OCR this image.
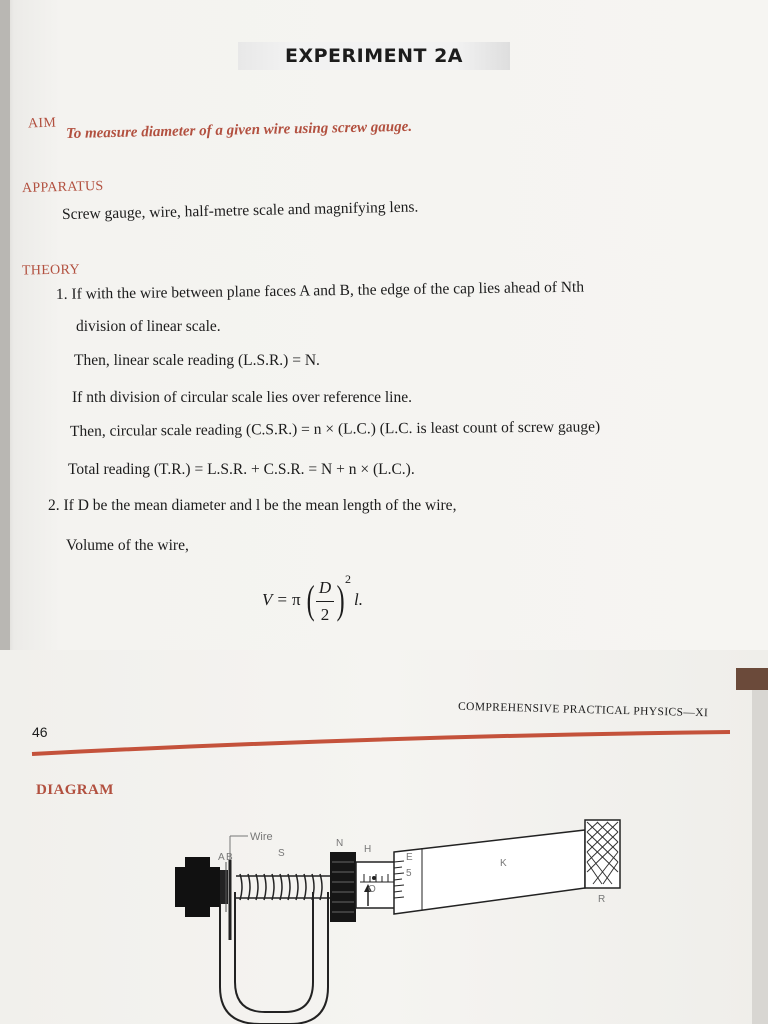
EXPERIMENT 2A
AIM To measure diameter of a given wire using screw gauge.
APPARATUS
Screw gauge, wire, half-metre scale and magnifying lens.
THEORY
1. If with the wire between plane faces A and B, the edge of the cap lies ahead of Nth
division of linear scale.
Then, linear scale reading (L.S.R.) = N.
If nth division of circular scale lies over reference line.
Then, circular scale reading (C.S.R.) = n × (L.C.) (L.C. is least count of screw gauge)
Total reading (T.R.) = L.S.R. + C.S.R. = N + n × (L.C.).
2. If D be the mean diameter and l be the mean length of the wire,
Volume of the wire,
V = π ( D
2 ) 2
l.
COMPREHENSIVE PRACTICAL PHYSICS—XI
46
DIAGRAM
Wire
A B	S
N
H
E
5
O
K
R
